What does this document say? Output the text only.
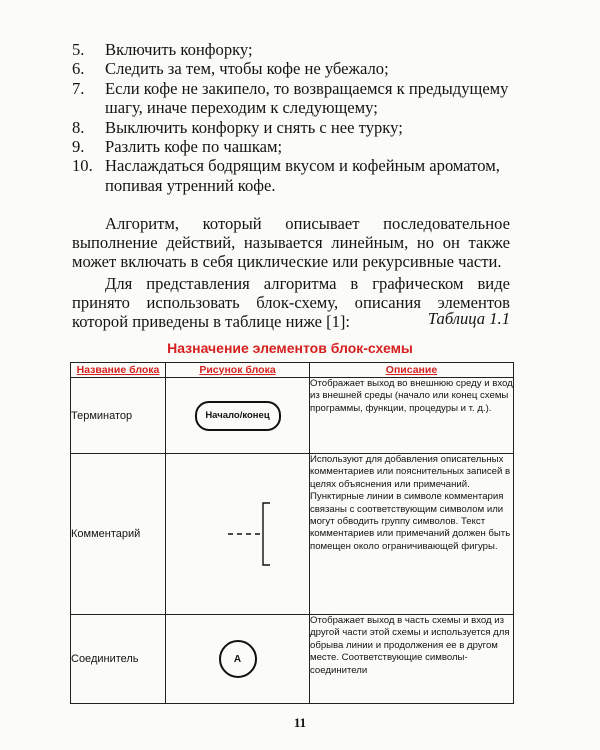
5.	Включить конфорку;
6.	Следить за тем, чтобы кофе не убежало;
7.	Если кофе не закипело, то возвращаемся к предыдущему шагу, иначе переходим к следующему;
8.	Выключить конфорку и снять с нее турку;
9.	Разлить кофе по чашкам;
10. Наслаждаться бодрящим вкусом и кофейным ароматом, попивая утренний кофе.

Алгоритм, который описывает последовательное выполнение действий, называется линейным, но он также может включать в себя циклические или рекурсивные части.

Для представления алгоритма в графическом виде принято использовать блок-схему, описания элементов которой приведены в таблице ниже [1]:	Таблица 1.1
Назначение элементов блок-схемы
Название блока	Рисунок блока	Описание
Терминатор	Начало/конец	Отображает выход во внешнюю среду и вход из внешней среды (начало или конец схемы программы, функции, процедуры и т. д.).
Комментарий		Используют для добавления описательных комментариев или пояснительных записей в целях объяснения или примечаний. Пунктирные линии в символе комментария связаны с соответствующим символом или могут обводить группу символов. Текст комментариев или примечаний должен быть помещен около ограничивающей фигуры.
Соединитель	A	Отображает выход в часть схемы и вход из другой части этой схемы и используется для обрыва линии и продолжения ее в другом месте. Соответствующие символы-соединители
11
